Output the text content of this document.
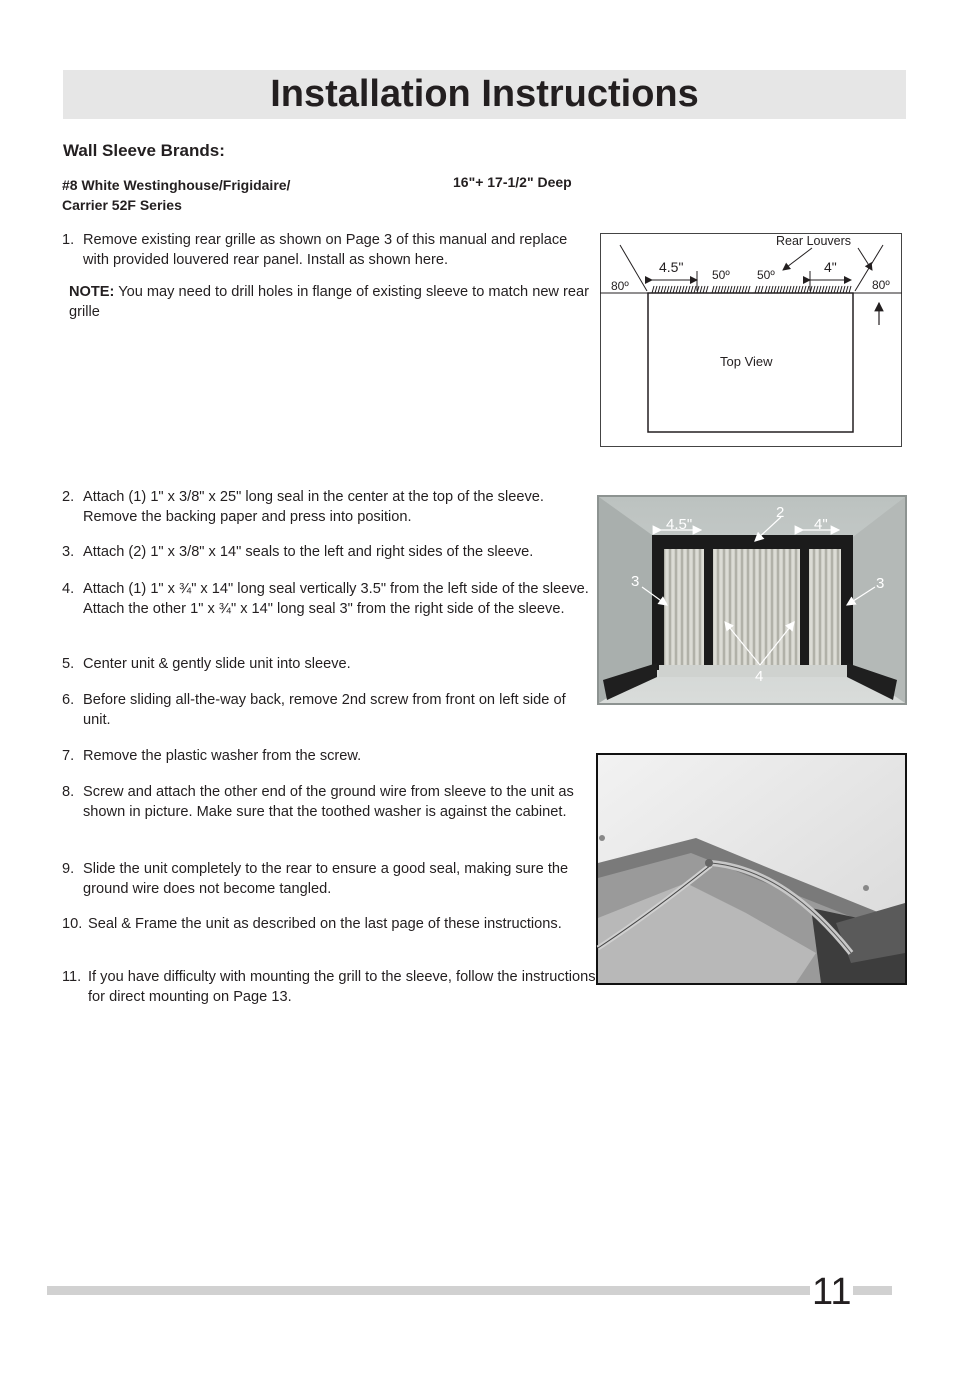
Installation Instructions
Wall Sleeve Brands:
#8 White Westinghouse/Frigidaire/
Carrier 52F Series
16"+ 17-1/2" Deep
1. Remove existing rear grille as shown on Page 3 of this manual and replace with provided louvered rear panel. Install as shown here.
NOTE: You may need to drill holes in flange of existing sleeve to match new rear grille
Rear Louvers
4.5"	4"
80º	80º
50º 50º
Top View
4.5"	4"
2
3	3
4
2. Attach (1) 1" x 3/8" x 25" long seal in the center at the top of the sleeve. Remove the backing paper and press into position.
3. Attach (2) 1" x 3/8" x 14" seals to the left and right sides of the sleeve.
4. Attach (1) 1" x ¾" x 14" long seal vertically 3.5" from the left side of the sleeve. Attach the other 1" x ¾" x 14" long seal 3" from the right side of the sleeve.
5. Center unit & gently slide unit into sleeve.
6. Before sliding all-the-way back, remove 2nd screw from front on left side of unit.
7. Remove the plastic washer from the screw.
8. Screw and attach the other end of the ground wire from sleeve to the unit as shown in picture. Make sure that the toothed washer is against the cabinet.
9. Slide the unit completely to the rear to ensure a good seal, making sure the ground wire does not become tangled.
10. Seal & Frame the unit as described on the last page of these instructions.
11. If you have difficulty with mounting the grill to the sleeve, follow the instructions for direct mounting on Page 13.
11
